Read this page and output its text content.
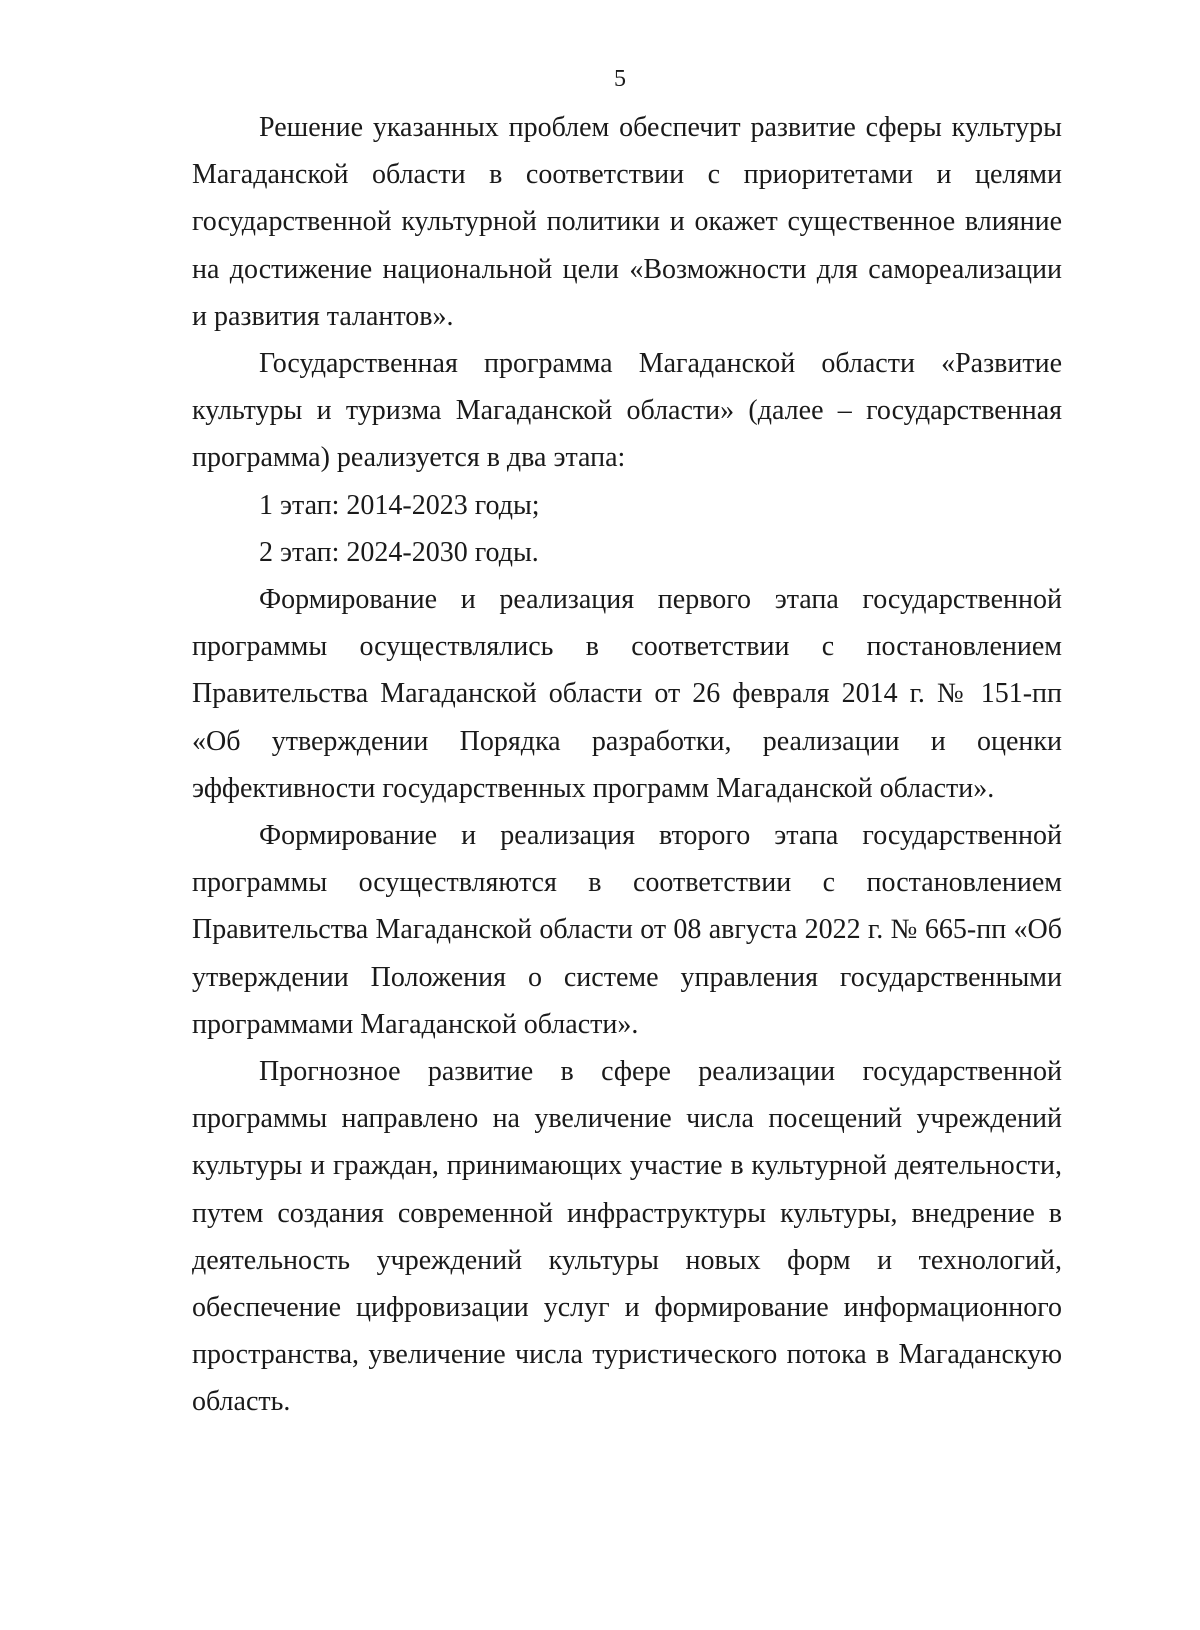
5

Решение указанных проблем обеспечит развитие сферы культуры Магаданской области в соответствии с приоритетами и целями государственной культурной политики и окажет существенное влияние на достижение национальной цели «Возможности для самореализации и развития талантов».

Государственная программа Магаданской области «Развитие культуры и туризма Магаданской области» (далее – государственная программа) реализуется в два этапа:

1 этап: 2014-2023 годы;

2 этап: 2024-2030 годы.

Формирование и реализация первого этапа государственной программы осуществлялись в соответствии с постановлением Правительства Магаданской области от 26 февраля 2014 г. № 151-пп «Об утверждении Порядка разработки, реализации и оценки эффективности государственных программ Магаданской области».

Формирование и реализация второго этапа государственной программы осуществляются в соответствии с постановлением Правительства Магаданской области от 08 августа 2022 г. № 665-пп «Об утверждении Положения о системе управления государственными программами Магаданской области».

Прогнозное развитие в сфере реализации государственной программы направлено на увеличение числа посещений учреждений культуры и граждан, принимающих участие в культурной деятельности, путем создания современной инфраструктуры культуры, внедрение в деятельность учреждений культуры новых форм и технологий, обеспечение цифровизации услуг и формирование информационного пространства, увеличение числа туристического потока в Магаданскую область.
